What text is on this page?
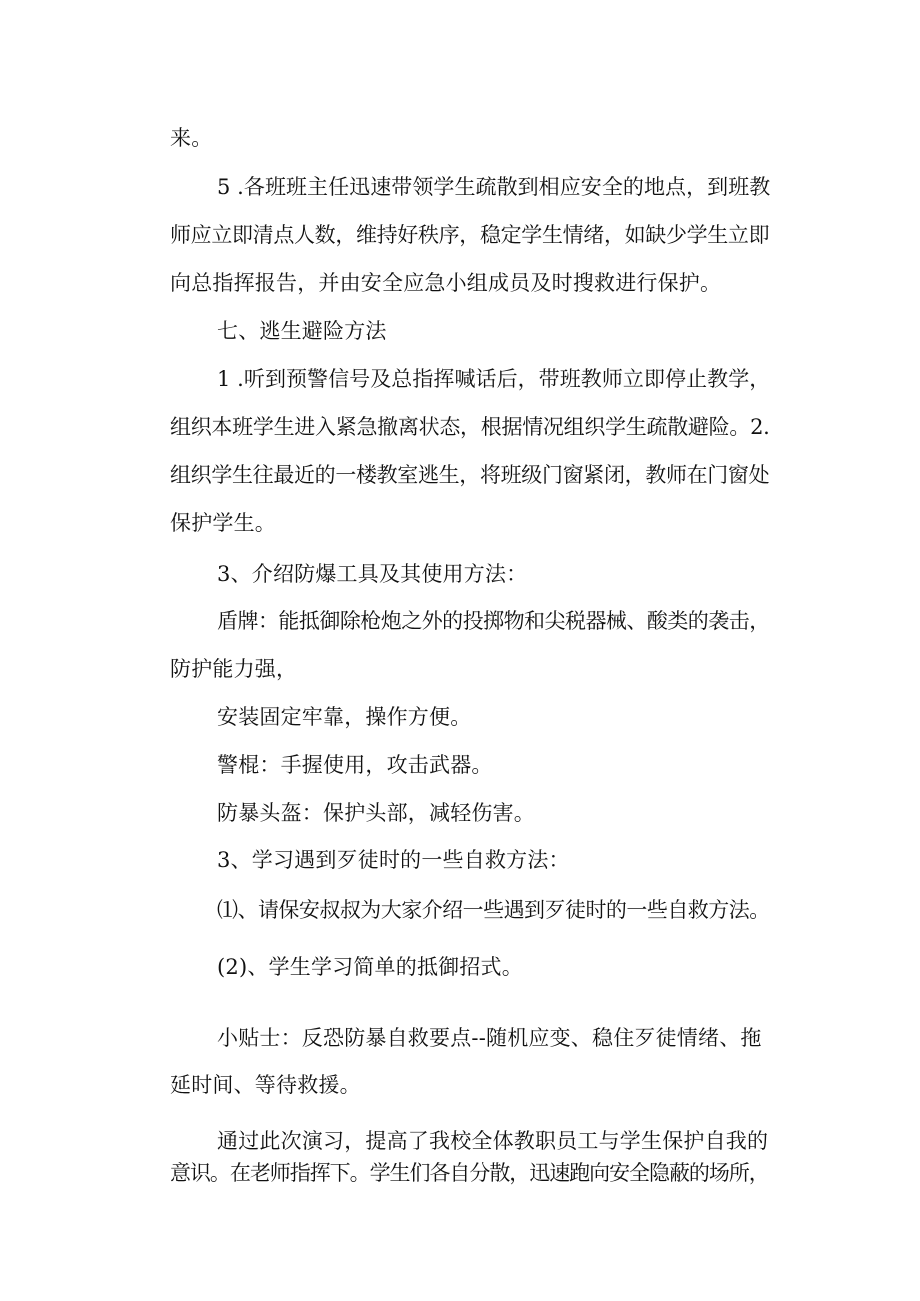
来。
5 .各班班主任迅速带领学生疏散到相应安全的地点，到班教
师应立即清点人数，维持好秩序，稳定学生情绪，如缺少学生立即
向总指挥报告，并由安全应急小组成员及时搜救进行保护。
七、逃生避险方法
1 .听到预警信号及总指挥喊话后，带班教师立即停止教学，
组织本班学生进入紧急撤离状态，根据情况组织学生疏散避险。2.
组织学生往最近的一楼教室逃生，将班级门窗紧闭，教师在门窗处
保护学生。
3、介绍防爆工具及其使用方法：
盾牌：能抵御除枪炮之外的投掷物和尖税器械、酸类的袭击，
防护能力强，
安装固定牢靠，操作方便。
警棍：手握使用，攻击武器。
防暴头盔：保护头部，减轻伤害。
3、学习遇到歹徒时的一些自救方法：
⑴、请保安叔叔为大家介绍一些遇到歹徒时的一些自救方法。
(2)、学生学习简单的抵御招式。
小贴士：反恐防暴自救要点--随机应变、稳住歹徒情绪、拖
延时间、等待救援。
通过此次演习，提高了我校全体教职员工与学生保护自我的
意识。在老师指挥下。学生们各自分散，迅速跑向安全隐蔽的场所，
